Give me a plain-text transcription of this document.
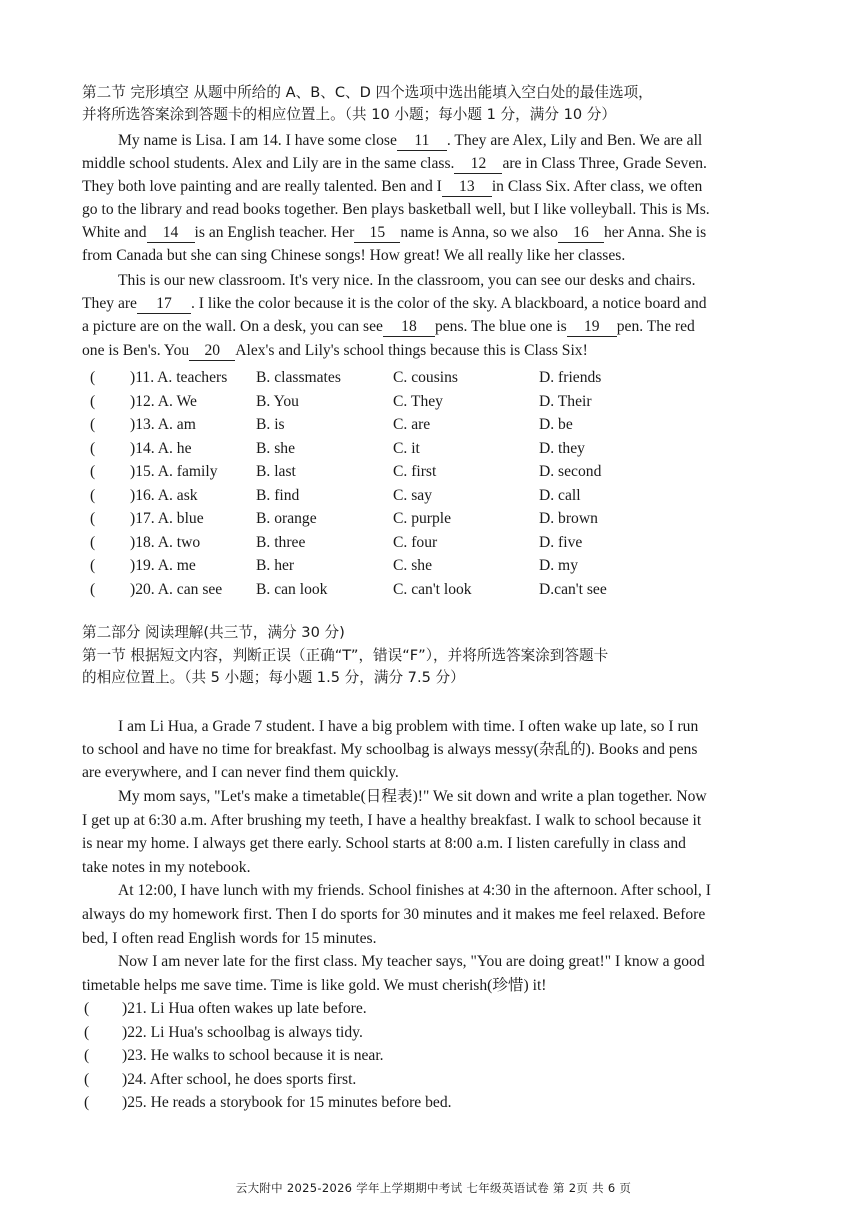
第二节 完形填空 从题中所给的 A、B、C、D 四个选项中选出能填入空白处的最佳选项，
并将所选答案涂到答题卡的相应位置上。（共 10 小题；每小题 1 分，满分 10 分）
My name is Lisa. I am 14. I have some close 11 . They are Alex, Lily and Ben. We are all
middle school students. Alex and Lily are in the same class. 12 are in Class Three, Grade Seven.
They both love painting and are really talented. Ben and I 13 in Class Six. After class, we often
go to the library and read books together. Ben plays basketball well, but I like volleyball. This is Ms.
White and 14 is an English teacher. Her 15 name is Anna, so we also 16 her Anna. She is
from Canada but she can sing Chinese songs! How great! We all really like her classes.
This is our new classroom. It's very nice. In the classroom, you can see our desks and chairs.
They are 17 . I like the color because it is the color of the sky. A blackboard, a notice board and
a picture are on the wall. On a desk, you can see 18 pens. The blue one is 19 pen. The red
one is Ben's. You 20 Alex's and Lily's school things because this is Class Six!
( )11. A. teachers B. classmates	C. cousins	D. friends
( )12. A. We	B. You	C. They	D. Their
( )13. A. am	B. is	C. are	D. be
( )14. A. he	B. she	C. it	D. they
( )15. A. family B. last	C. first	D. second
( )16. A. ask	B. find	C. say	D. call
( )17. A. blue	B. orange	C. purple	D. brown
( )18. A. two	B. three	C. four	D. five
( )19. A. me	B. her	C. she	D. my
( )20. A. can see B. can look	C. can't look	D.can't see
第二部分 阅读理解(共三节，满分 30 分)
第一节 根据短文内容，判断正误（正确“T”，错误“F”），并将所选答案涂到答题卡
的相应位置上。（共 5 小题；每小题 1.5 分，满分 7.5 分）
I am Li Hua, a Grade 7 student. I have a big problem with time. I often wake up late, so I run
to school and have no time for breakfast. My schoolbag is always messy(杂乱的). Books and pens
are everywhere, and I can never find them quickly.
My mom says, "Let's make a timetable(日程表)!" We sit down and write a plan together. Now
I get up at 6:30 a.m. After brushing my teeth, I have a healthy breakfast. I walk to school because it
is near my home. I always get there early. School starts at 8:00 a.m. I listen carefully in class and
take notes in my notebook.
At 12:00, I have lunch with my friends. School finishes at 4:30 in the afternoon. After school, I
always do my homework first. Then I do sports for 30 minutes and it makes me feel relaxed. Before
bed, I often read English words for 15 minutes.
Now I am never late for the first class. My teacher says, "You are doing great!" I know a good
timetable helps me save time. Time is like gold. We must cherish(珍惜) it!
( )21. Li Hua often wakes up late before.
( )22. Li Hua's schoolbag is always tidy.
( )23. He walks to school because it is near.
( )24. After school, he does sports first.
( )25. He reads a storybook for 15 minutes before bed.
云大附中 2025-2026 学年上学期期中考试 七年级英语试卷 第 2页 共 6 页
